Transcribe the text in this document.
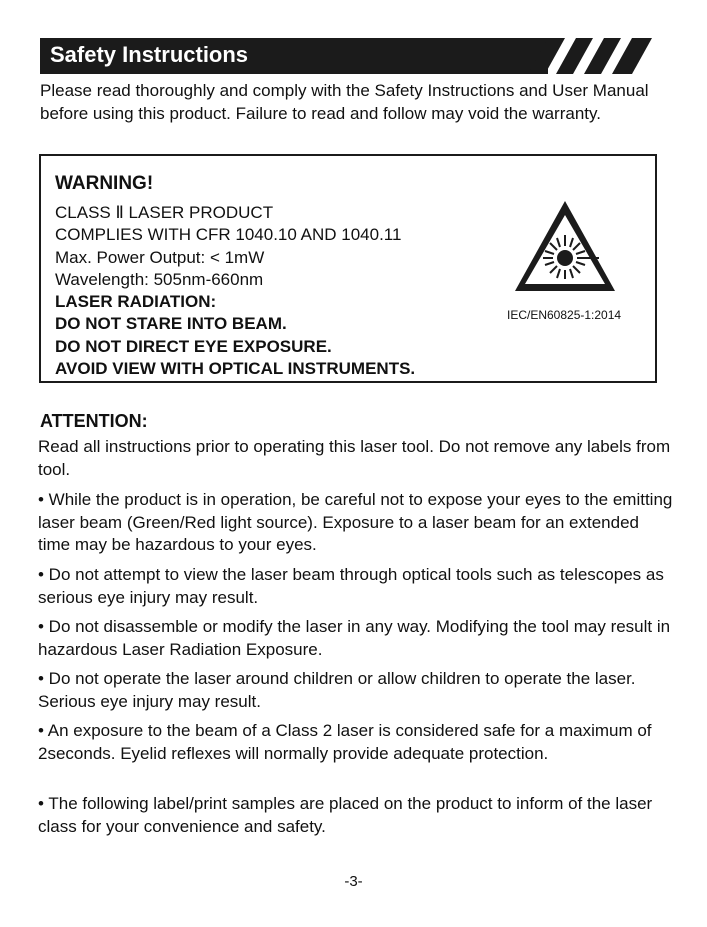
Safety Instructions

Please read thoroughly and comply with the Safety Instructions and User Manual before using this product. Failure to read and follow may void the warranty.

WARNING!
CLASS Ⅱ LASER PRODUCT
COMPLIES WITH CFR 1040.10 AND 1040.11
Max. Power Output: < 1mW
Wavelength: 505nm-660nm
LASER RADIATION:
DO NOT STARE INTO BEAM.
DO NOT DIRECT EYE EXPOSURE.
AVOID VIEW WITH OPTICAL INSTRUMENTS.
IEC/EN60825-1:2014
ATTENTION:

Read all instructions prior to operating this laser tool. Do not remove any labels from tool.

• While the product is in operation, be careful not to expose your eyes to the emitting laser beam (Green/Red light source). Exposure to a laser beam for an extended time may be hazardous to your eyes.

• Do not attempt to view the laser beam through optical tools such as telescopes as serious eye injury may result.

• Do not disassemble or modify the laser in any way. Modifying the tool may result in hazardous Laser Radiation Exposure.

• Do not operate the laser around children or allow children to operate the laser. Serious eye injury may result.

• An exposure to the beam of a Class 2 laser is considered safe for a maximum of 2seconds. Eyelid reflexes will normally provide adequate protection.

• The following label/print samples are placed on the product to inform of the laser class for your convenience and safety.

-3-
